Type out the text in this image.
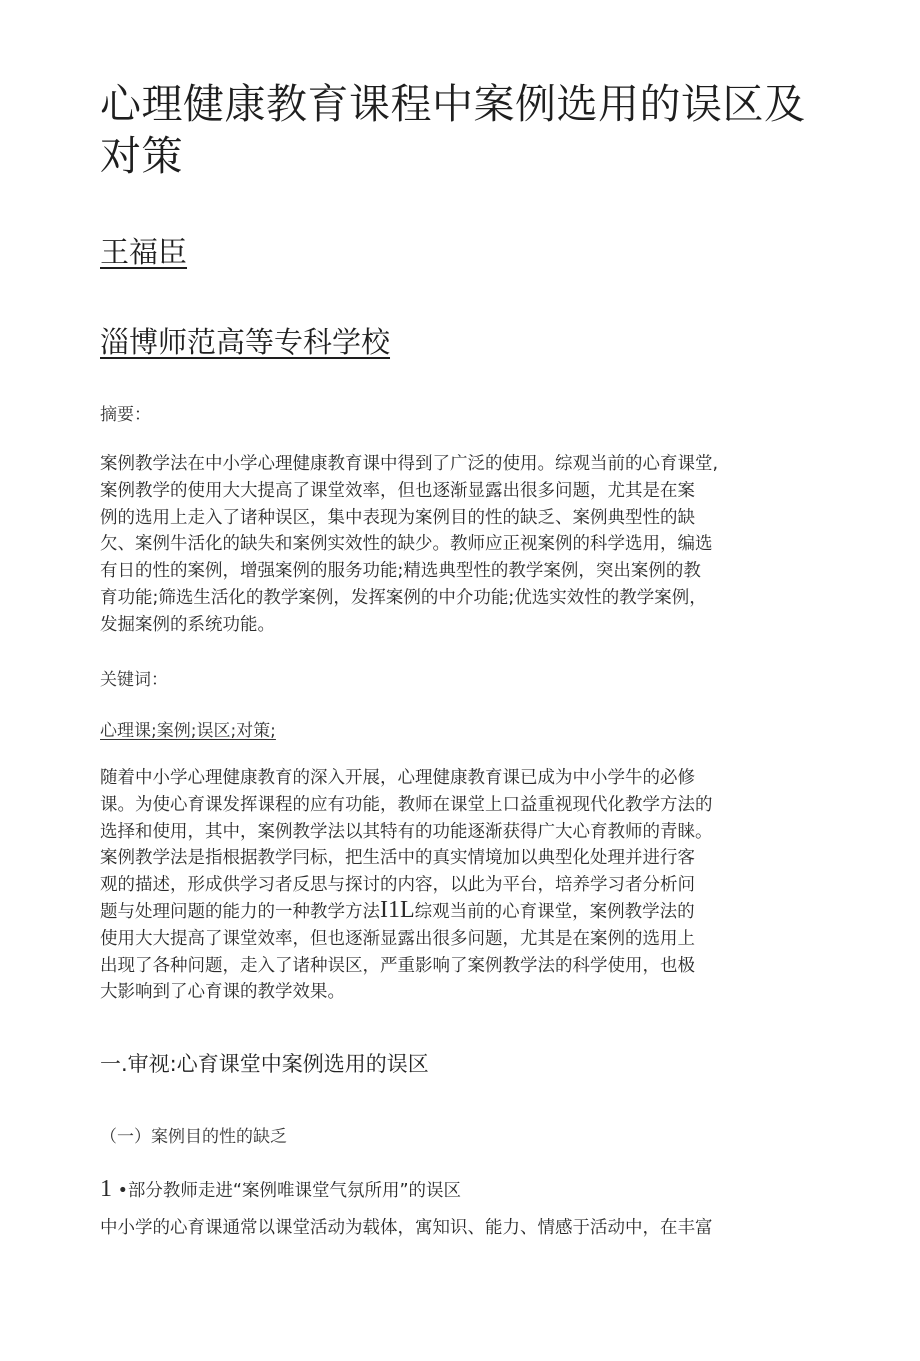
心理健康教育课程中案例选用的误区及
对策
王福臣
淄博师范高等专科学校
摘要：
案例教学法在中小学心理健康教育课中得到了广泛的使用。综观当前的心育课堂,
案例教学的使用大大提高了课堂效率，但也逐渐显露出很多问题，尤其是在案
例的选用上走入了诸种误区，集中表现为案例目的性的缺乏、案例典型性的缺
欠、案例牛活化的缺失和案例实效性的缺少。教师应正视案例的科学选用，编选
有日的性的案例，增强案例的服务功能;精选典型性的教学案例，突出案例的教
育功能;筛选生活化的教学案例，发挥案例的中介功能;优选实效性的教学案例，
发掘案例的系统功能。
关键词：
心理课;案例;误区;对策;
随着中小学心理健康教育的深入开展，心理健康教育课已成为中小学牛的必修
课。为使心育课发挥课程的应有功能，教师在课堂上口益重视现代化教学方法的
选择和使用，其中，案例教学法以其特有的功能逐渐获得广大心育教师的青睐。
案例教学法是指根据教学冃标，把生活中的真实情境加以典型化处理并进行客
观的描述，形成供学习者反思与探讨的内容，以此为平台，培养学习者分析问
题与处理问题的能力的一种教学方法I1L综观当前的心育课堂，案例教学法的
使用大大提高了课堂效率，但也逐渐显露出很多问题，尤其是在案例的选用上
出现了各种问题，走入了诸种误区，严重影响了案例教学法的科学使用，也极
大影响到了心育课的教学效果。
一.审视:心育课堂中案例选用的误区
（一）案例目的性的缺乏
1 •部分教师走进“案例唯课堂气氛所用”的误区
中小学的心育课通常以课堂活动为载体，寓知识、能力、情感于活动中，在丰富
